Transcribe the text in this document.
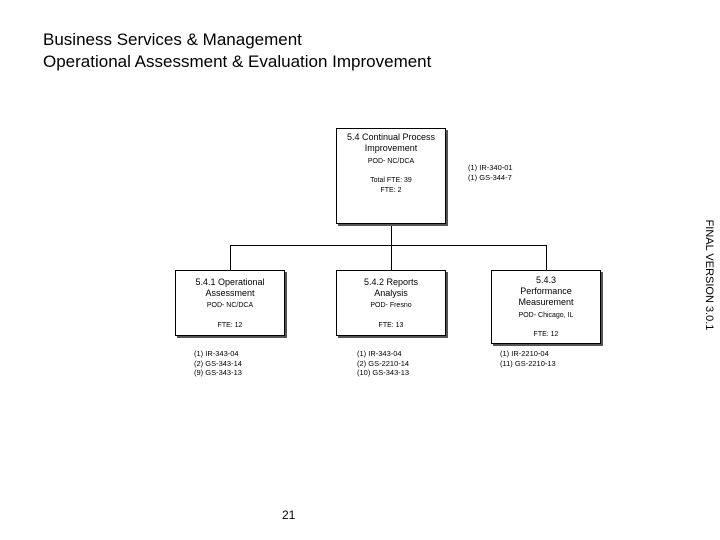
Business Services & Management
Operational Assessment & Evaluation Improvement
5.4 Continual Process
Improvement
POD- NC/DCA
Total FTE: 39
FTE: 2
(1) IR-340-01
(1) GS-344-7
5.4.1 Operational
Assessment
POD- NC/DCA
FTE: 12
(1) IR-343-04
(2) GS-343-14
(9) GS-343-13
5.4.2 Reports
Analysis
POD- Fresno
FTE: 13
(1) IR-343-04
(2) GS-2210-14
(10) GS-343-13
5.4.3
Performance
Measurement
POD- Chicago, IL
FTE: 12
(1) IR-2210-04
(11) GS-2210-13
FINAL VERSION 3.0.1
21
